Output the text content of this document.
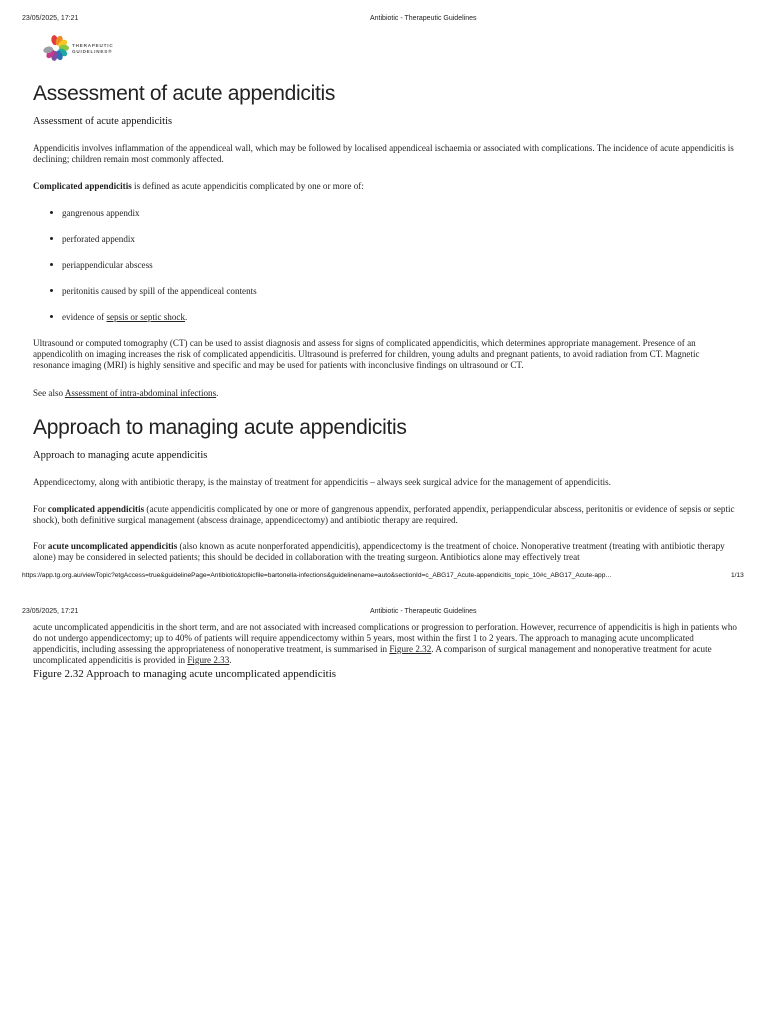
23/05/2025, 17:21	Antibiotic - Therapeutic Guidelines
THERAPEUTIC
GUIDELINES®
Assessment of acute appendicitis
Assessment of acute appendicitis

Appendicitis involves inflammation of the appendiceal wall, which may be followed by localised appendiceal ischaemia or associated with complications. The incidence of acute appendicitis is declining; children remain most commonly affected.

Complicated appendicitis is defined as acute appendicitis complicated by one or more of:

gangrenous appendix
perforated appendix
periappendicular abscess
peritonitis caused by spill of the appendiceal contents
evidence of sepsis or septic shock.

Ultrasound or computed tomography (CT) can be used to assist diagnosis and assess for signs of complicated appendicitis, which determines appropriate management. Presence of an appendicolith on imaging increases the risk of complicated appendicitis. Ultrasound is preferred for children, young adults and pregnant patients, to avoid radiation from CT. Magnetic resonance imaging (MRI) is highly sensitive and specific and may be used for patients with inconclusive findings on ultrasound or CT.

See also Assessment of intra-abdominal infections.

Approach to managing acute appendicitis
Approach to managing acute appendicitis

Appendicectomy, along with antibiotic therapy, is the mainstay of treatment for appendicitis – always seek surgical advice for the management of appendicitis.

For complicated appendicitis (acute appendicitis complicated by one or more of gangrenous appendix, perforated appendix, periappendicular abscess, peritonitis or evidence of sepsis or septic shock), both definitive surgical management (abscess drainage, appendicectomy) and antibiotic therapy are required.

For acute uncomplicated appendicitis (also known as acute nonperforated appendicitis), appendicectomy is the treatment of choice. Nonoperative treatment (treating with antibiotic therapy alone) may be considered in selected patients; this should be decided in collaboration with the treating surgeon. Antibiotics alone may effectively treat

https://app.tg.org.au/viewTopic?etgAccess=true&guidelinePage=Antibiotic&topicfile=bartonella-infections&guidelinename=auto&sectionId=c_ABG17_Acute-appendicitis_topic_10#c_ABG17_Acute-app…	1/13
23/05/2025, 17:21	Antibiotic - Therapeutic Guidelines

acute uncomplicated appendicitis in the short term, and are not associated with increased complications or progression to perforation. However, recurrence of appendicitis is high in patients who do not undergo appendicectomy; up to 40% of patients will require appendicectomy within 5 years, most within the first 1 to 2 years. The approach to managing acute uncomplicated appendicitis, including assessing the appropriateness of nonoperative treatment, is summarised in Figure 2.32. A comparison of surgical management and nonoperative treatment for acute uncomplicated appendicitis is provided in Figure 2.33.

Figure 2.32 Approach to managing acute uncomplicated appendicitis
